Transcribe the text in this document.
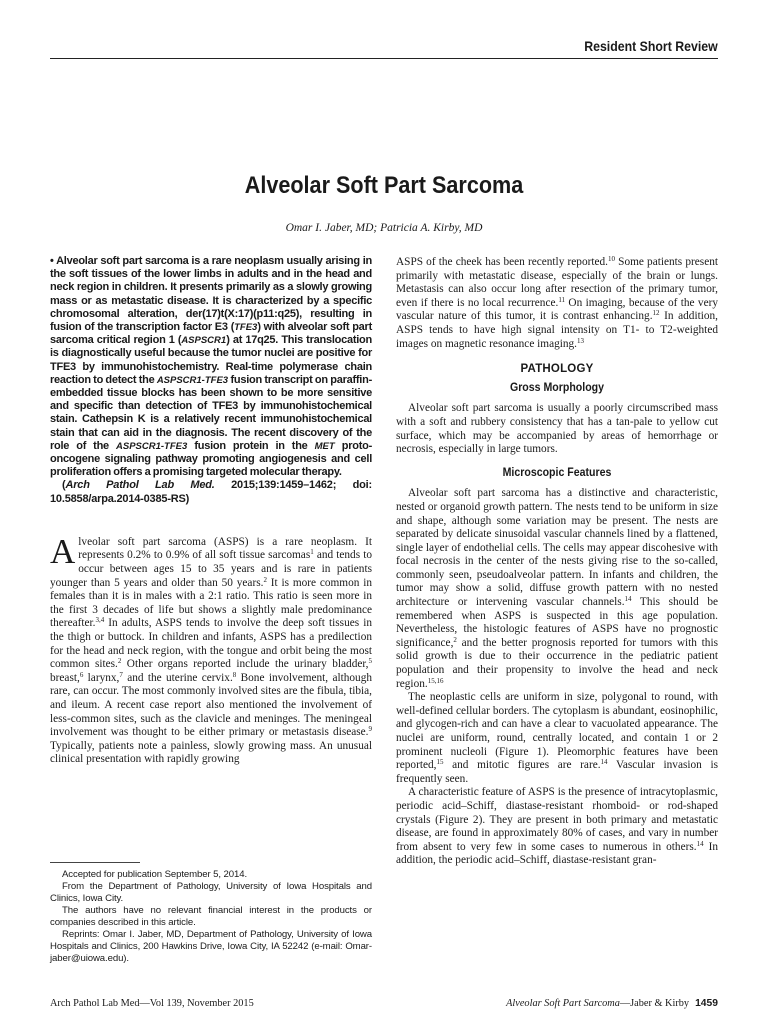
Resident Short Review
Alveolar Soft Part Sarcoma
Omar I. Jaber, MD; Patricia A. Kirby, MD
• Alveolar soft part sarcoma is a rare neoplasm usually arising in the soft tissues of the lower limbs in adults and in the head and neck region in children. It presents primarily as a slowly growing mass or as metastatic disease. It is characterized by a specific chromosomal alteration, der(17)t(X:17)(p11:q25), resulting in fusion of the transcription factor E3 (TFE3) with alveolar soft part sarcoma critical region 1 (ASPSCR1) at 17q25. This translocation is diagnostically useful because the tumor nuclei are positive for TFE3 by immunohistochemistry. Real-time polymerase chain reaction to detect the ASPSCR1-TFE3 fusion transcript on paraffin-embedded tissue blocks has been shown to be more sensitive and specific than detection of TFE3 by immunohistochemical stain. Cathepsin K is a relatively recent immunohistochemical stain that can aid in the diagnosis. The recent discovery of the role of the ASPSCR1-TFE3 fusion protein in the MET proto-oncogene signaling pathway promoting angiogenesis and cell proliferation offers a promising targeted molecular therapy.

(Arch Pathol Lab Med. 2015;139:1459–1462; doi: 10.5858/arpa.2014-0385-RS)

Alveolar soft part sarcoma (ASPS) is a rare neoplasm. It represents 0.2% to 0.9% of all soft tissue sarcomas$^1$ and tends to occur between ages 15 to 35 years and is rare in patients younger than 5 years and older than 50 years.$^2$ It is more common in females than it is in males with a 2:1 ratio. This ratio is seen more in the first 3 decades of life but shows a slightly male predominance thereafter.$^{3,4}$ In adults, ASPS tends to involve the deep soft tissues in the thigh or buttock. In children and infants, ASPS has a predilection for the head and neck region, with the tongue and orbit being the most common sites.$^2$ Other organs reported include the urinary bladder,$^5$ breast,$^6$ larynx,$^7$ and the uterine cervix.$^8$ Bone involvement, although rare, can occur. The most commonly involved sites are the fibula, tibia, and ileum. A recent case report also mentioned the involvement of less-common sites, such as the clavicle and meninges. The meningeal involvement was thought to be either primary or metastasis disease.$^9$ Typically, patients note a painless, slowly growing mass. An unusual clinical presentation with rapidly growing

Accepted for publication September 5, 2014.

From the Department of Pathology, University of Iowa Hospitals and Clinics, Iowa City.

The authors have no relevant financial interest in the products or companies described in this article.

Reprints: Omar I. Jaber, MD, Department of Pathology, University of Iowa Hospitals and Clinics, 200 Hawkins Drive, Iowa City, IA 52242 (e-mail: Omar-jaber@uiowa.edu).

ASPS of the cheek has been recently reported.$^{10}$ Some patients present primarily with metastatic disease, especially of the brain or lungs. Metastasis can also occur long after resection of the primary tumor, even if there is no local recurrence.$^{11}$ On imaging, because of the very vascular nature of this tumor, it is contrast enhancing.$^{12}$ In addition, ASPS tends to have high signal intensity on T1- to T2-weighted images on magnetic resonance imaging.$^{13}$

PATHOLOGY
Gross Morphology

Alveolar soft part sarcoma is usually a poorly circumscribed mass with a soft and rubbery consistency that has a tan-pale to yellow cut surface, which may be accompanied by areas of hemorrhage or necrosis, especially in large tumors.

Microscopic Features

Alveolar soft part sarcoma has a distinctive and characteristic, nested or organoid growth pattern. The nests tend to be uniform in size and shape, although some variation may be present. The nests are separated by delicate sinusoidal vascular channels lined by a flattened, single layer of endothelial cells. The cells may appear discohesive with focal necrosis in the center of the nests giving rise to the so-called, commonly seen, pseudoalveolar pattern. In infants and children, the tumor may show a solid, diffuse growth pattern with no nested architecture or intervening vascular channels.$^{14}$ This should be remembered when ASPS is suspected in this age population. Nevertheless, the histologic features of ASPS have no prognostic significance,$^2$ and the better prognosis reported for tumors with this solid growth is due to their occurrence in the pediatric patient population and their propensity to involve the head and neck region.$^{15,16}$

The neoplastic cells are uniform in size, polygonal to round, with well-defined cellular borders. The cytoplasm is abundant, eosinophilic, and glycogen-rich and can have a clear to vacuolated appearance. The nuclei are uniform, round, centrally located, and contain 1 or 2 prominent nucleoli (Figure 1). Pleomorphic features have been reported,$^{15}$ and mitotic figures are rare.$^{14}$ Vascular invasion is frequently seen.

A characteristic feature of ASPS is the presence of intracytoplasmic, periodic acid–Schiff, diastase-resistant rhomboid- or rod-shaped crystals (Figure 2). They are present in both primary and metastatic disease, are found in approximately 80% of cases, and vary in number from absent to very few in some cases to numerous in others.$^{14}$ In addition, the periodic acid–Schiff, diastase-resistant gran-

Arch Pathol Lab Med—Vol 139, November 2015	Alveolar Soft Part Sarcoma—Jaber & Kirby 1459
